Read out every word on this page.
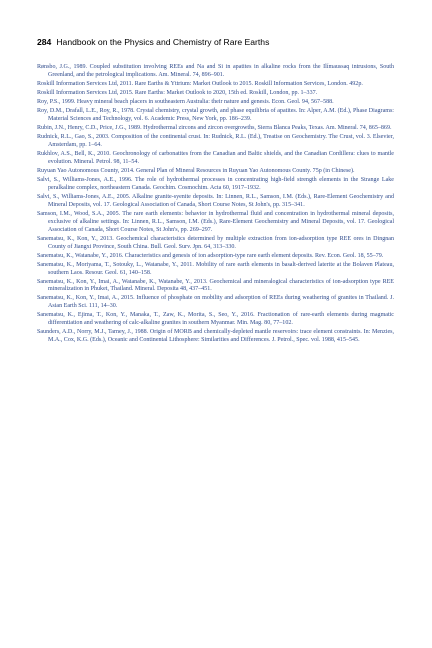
284 Handbook on the Physics and Chemistry of Rare Earths

Rønsbo, J.G., 1989. Coupled substitution involving REEs and Na and Si in apatites in alkaline rocks from the Ilímaussaq intrusions, South Greenland, and the petrological implications. Am. Mineral. 74, 896–901.

Roskill Information Services Ltd, 2011. Rare Earths & Yttrium: Market Outlook to 2015. Roskill Information Services, London. 492p.

Roskill Information Services Ltd, 2015. Rare Earths: Market Outlook to 2020, 15th ed. Roskill, London, pp. 1–337.

Roy, P.S., 1999. Heavy mineral beach placers in southeastern Australia: their nature and genesis. Econ. Geol. 94, 567–588.

Roy, D.M., Drafall, L.E., Roy, R., 1978. Crystal chemistry, crystal growth, and phase equilibria of apatites. In: Alper, A.M. (Ed.), Phase Diagrams: Material Sciences and Technology, vol. 6. Academic Press, New York, pp. 186–239.

Rubin, J.N., Henry, C.D., Price, J.G., 1989. Hydrothermal zircons and zircon overgrowths, Sierra Blanca Peaks, Texas. Am. Mineral. 74, 865–869.

Rudnick, R.L., Gao, S., 2003. Composition of the continental crust. In: Rudnick, R.L. (Ed.), Treatise on Geochemistry. The Crust, vol. 3. Elsevier, Amsterdam, pp. 1–64.

Rukhlov, A.S., Bell, K., 2010. Geochronology of carbonatites from the Canadian and Baltic shields, and the Canadian Cordillera: clues to mantle evolution. Mineral. Petrol. 98, 11–54.

Ruyuan Yao Autonomous County, 2014. General Plan of Mineral Resources in Ruyuan Yao Autonomous County. 75p (in Chinese).

Salvi, S., Williams-Jones, A.E., 1996. The role of hydrothermal processes in concentrating high-field strength elements in the Strange Lake peralkaline complex, northeastern Canada. Geochim. Cosmochim. Acta 60, 1917–1932.

Salvi, S., Williams-Jones, A.E., 2005. Alkaline granite-syenite deposits. In: Linnen, R.L., Samson, I.M. (Eds.), Rare-Element Geochemistry and Mineral Deposits, vol. 17. Geological Association of Canada, Short Course Notes, St John's, pp. 315–341.

Samson, I.M., Wood, S.A., 2005. The rare earth elements: behavior in hydrothermal fluid and concentration in hydrothermal mineral deposits, exclusive of alkaline settings. In: Linnen, R.L., Samson, I.M. (Eds.), Rare-Element Geochemistry and Mineral Deposits, vol. 17. Geological Association of Canada, Short Course Notes, St John's, pp. 269–297.

Sanematsu, K., Kon, Y., 2013. Geochemical characteristics determined by multiple extraction from ion-adsorption type REE ores in Dingnan County of Jiangxi Province, South China. Bull. Geol. Surv. Jpn. 64, 313–330.

Sanematsu, K., Watanabe, Y., 2016. Characteristics and genesis of ion adsorption-type rare earth element deposits. Rev. Econ. Geol. 18, 55–79.

Sanematsu, K., Moriyama, T., Sotouky, L., Watanabe, Y., 2011. Mobility of rare earth elements in basalt-derived laterite at the Bolaven Plateau, southern Laos. Resour. Geol. 61, 140–158.

Sanematsu, K., Kon, Y., Imai, A., Watanabe, K., Watanabe, Y., 2013. Geochemical and mineralogical characteristics of ion-adsorption type REE mineralization in Phuket, Thailand. Mineral. Deposita 48, 437–451.

Sanematsu, K., Kon, Y., Imai, A., 2015. Influence of phosphate on mobility and adsorption of REEs during weathering of granites in Thailand. J. Asian Earth Sci. 111, 14–30.

Sanematsu, K., Ejima, T., Kon, Y., Manaka, T., Zaw, K., Morita, S., Seo, Y., 2016. Fractionation of rare-earth elements during magmatic differentiation and weathering of calc-alkaline granites in southern Myanmar. Min. Mag. 80, 77–102.

Saunders, A.D., Norry, M.J., Tarney, J., 1988. Origin of MORB and chemically-depleted mantle reservoirs: trace element constraints. In: Menzies, M.A., Cox, K.G. (Eds.), Oceanic and Continental Lithosphere: Similarities and Differences. J. Petrol., Spec. vol. 1988, 415–545.
